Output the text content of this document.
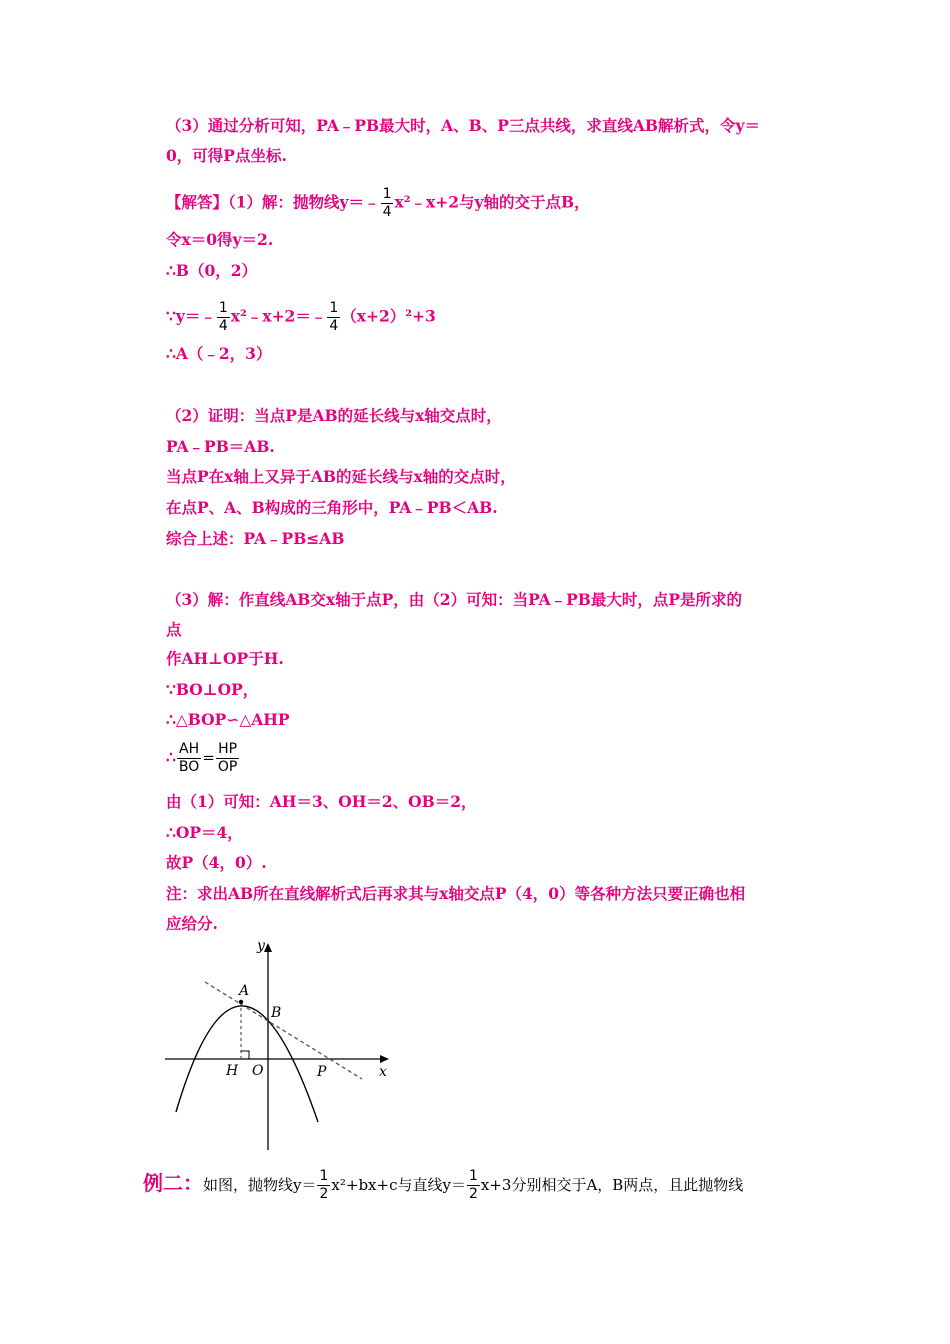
（3）通过分析可知，PA﹣PB最大时，A、B、P三点共线，求直线AB解析式，令y＝
0，可得P点坐标.
【解答】（1）解：抛物线y＝﹣ $\frac{1}{4}$ x²﹣x+2与y轴的交于点B，
令x＝0得y＝2.
∴B（0，2）
∵y＝﹣ $\frac{1}{4}$ x²﹣x+2＝﹣ $\frac{1}{4} (x+2)^2+3$
∴A（﹣2，3）
（2）证明：当点P是AB的延长线与x轴交点时，
PA﹣PB＝AB.
当点P在x轴上又异于AB的延长线与x轴的交点时，
在点P、A、B构成的三角形中，PA﹣PB＜AB.
综合上述：PA﹣PB≤AB
（3）解：作直线AB交x轴于点P，由（2）可知：当PA﹣PB最大时，点P是所求的
点
作AH⊥OP于H.
∵BO⊥OP，
∴△BOP∽△AHP
∴ $\frac{AH}{BO} = \frac{HP}{OP}$
由（1）可知：AH＝3、OH＝2、OB＝2，
∴OP＝4，
故P（4，0）.
注：求出AB所在直线解析式后再求其与x轴交点P（4，0）等各种方法只要正确也相
应给分.
y
x
A
B
H O	P
例二：如图，抛物线$y= \frac{1}{2} x^2+bx+c$与直线$y= \frac{1}{2} x+3$分别相交于A，B两点，且此抛物线
